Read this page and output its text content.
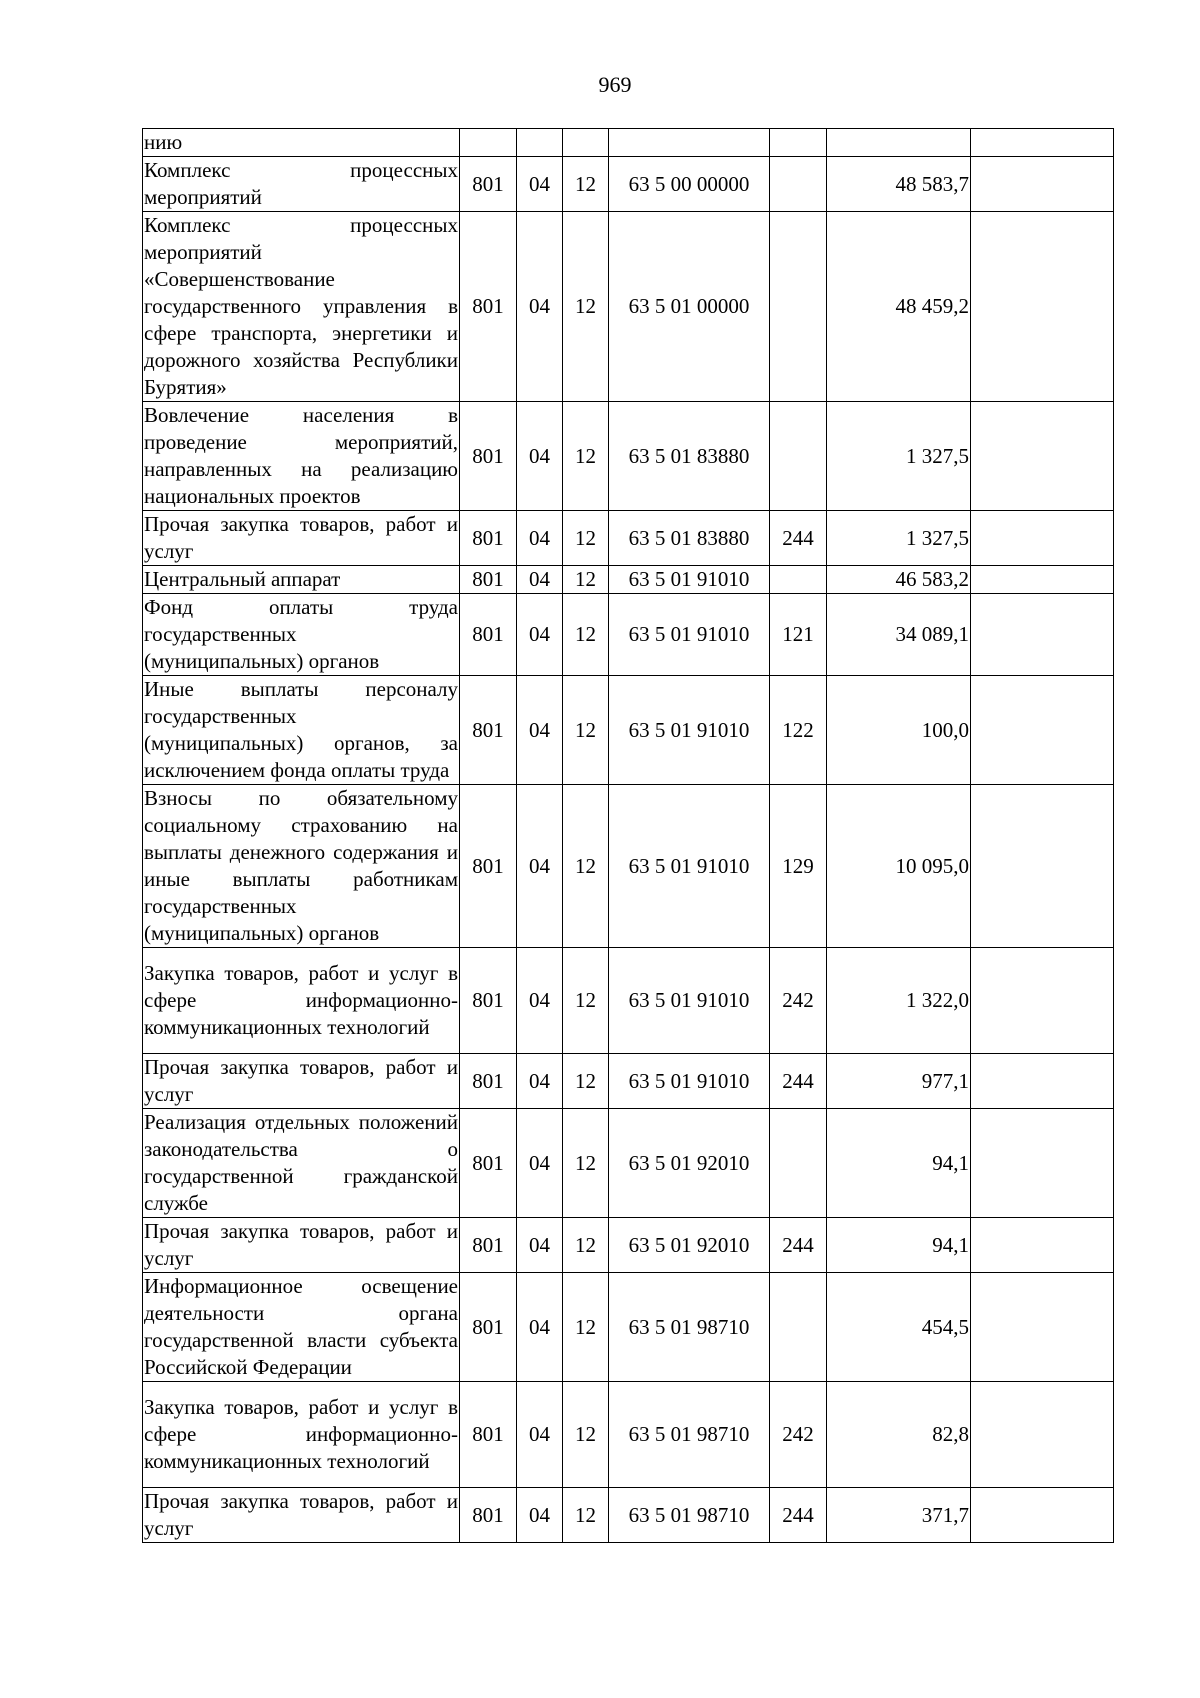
969
нию							
Комплекс процессных мероприятий	801	04	12	63 5 00 00000		48 583,7	
Комплекс процессных мероприятий «Совершенствование государственного управления в сфере транспорта, энергетики и дорожного хозяйства Республики Бурятия»	801	04	12	63 5 01 00000		48 459,2	
Вовлечение населения в проведение мероприятий, направленных на реализацию национальных проектов	801	04	12	63 5 01 83880		1 327,5	
Прочая закупка товаров, работ и услуг	801	04	12	63 5 01 83880	244	1 327,5	
Центральный аппарат	801	04	12	63 5 01 91010		46 583,2	
Фонд оплаты труда государственных (муниципальных) органов	801	04	12	63 5 01 91010	121	34 089,1	
Иные выплаты персоналу государственных (муниципальных) органов, за исключением фонда оплаты труда	801	04	12	63 5 01 91010	122	100,0	
Взносы по обязательному социальному страхованию на выплаты денежного содержания и иные выплаты работникам государственных (муниципальных) органов	801	04	12	63 5 01 91010	129	10 095,0	
Закупка товаров, работ и услуг в сфере информационно-коммуникационных технологий	801	04	12	63 5 01 91010	242	1 322,0	
Прочая закупка товаров, работ и услуг	801	04	12	63 5 01 91010	244	977,1	
Реализация отдельных положений законодательства о государственной гражданской службе	801	04	12	63 5 01 92010		94,1	
Прочая закупка товаров, работ и услуг	801	04	12	63 5 01 92010	244	94,1	
Информационное освещение деятельности органа государственной власти субъекта Российской Федерации	801	04	12	63 5 01 98710		454,5	
Закупка товаров, работ и услуг в сфере информационно-коммуникационных технологий	801	04	12	63 5 01 98710	242	82,8	
Прочая закупка товаров, работ и услуг	801	04	12	63 5 01 98710	244	371,7	
